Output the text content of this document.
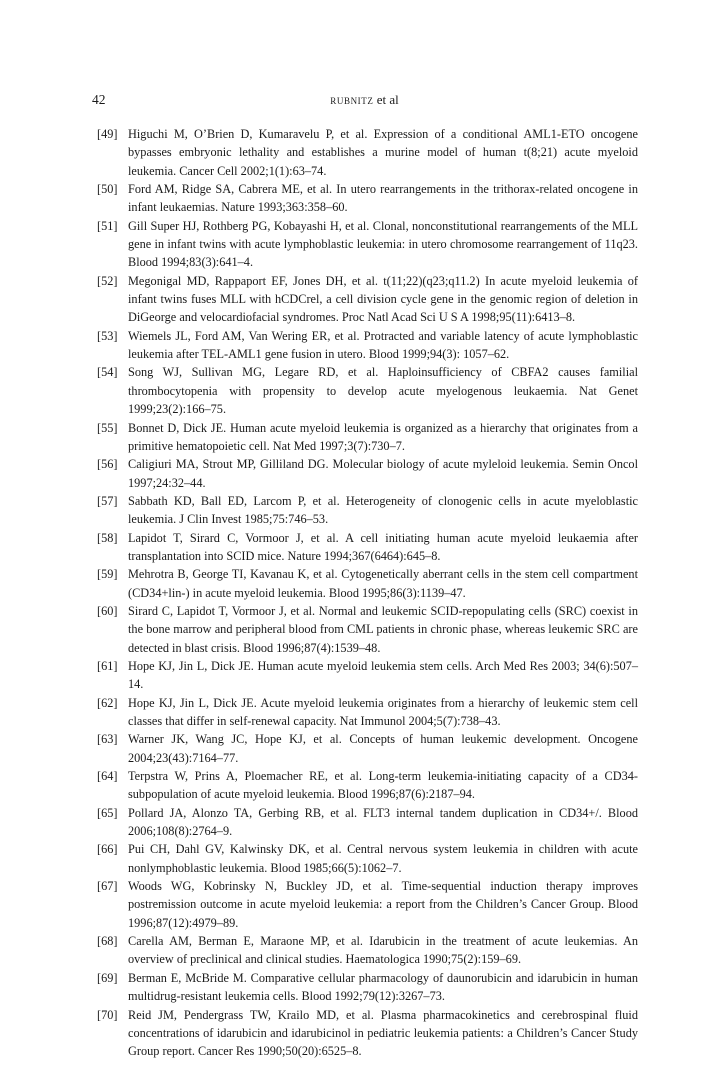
42	rubnitz et al
[49] Higuchi M, O’Brien D, Kumaravelu P, et al. Expression of a conditional AML1-ETO oncogene bypasses embryonic lethality and establishes a murine model of human t(8;21) acute myeloid leukemia. Cancer Cell 2002;1(1):63–74.
[50] Ford AM, Ridge SA, Cabrera ME, et al. In utero rearrangements in the trithorax-related oncogene in infant leukaemias. Nature 1993;363:358–60.
[51] Gill Super HJ, Rothberg PG, Kobayashi H, et al. Clonal, nonconstitutional rearrangements of the MLL gene in infant twins with acute lymphoblastic leukemia: in utero chromosome rearrangement of 11q23. Blood 1994;83(3):641–4.
[52] Megonigal MD, Rappaport EF, Jones DH, et al. t(11;22)(q23;q11.2) In acute myeloid leukemia of infant twins fuses MLL with hCDCrel, a cell division cycle gene in the genomic region of deletion in DiGeorge and velocardiofacial syndromes. Proc Natl Acad Sci U S A 1998;95(11):6413–8.
[53] Wiemels JL, Ford AM, Van Wering ER, et al. Protracted and variable latency of acute lymphoblastic leukemia after TEL-AML1 gene fusion in utero. Blood 1999;94(3): 1057–62.
[54] Song WJ, Sullivan MG, Legare RD, et al. Haploinsufficiency of CBFA2 causes familial thrombocytopenia with propensity to develop acute myelogenous leukaemia. Nat Genet 1999;23(2):166–75.
[55] Bonnet D, Dick JE. Human acute myeloid leukemia is organized as a hierarchy that originates from a primitive hematopoietic cell. Nat Med 1997;3(7):730–7.
[56] Caligiuri MA, Strout MP, Gilliland DG. Molecular biology of acute myleloid leukemia. Semin Oncol 1997;24:32–44.
[57] Sabbath KD, Ball ED, Larcom P, et al. Heterogeneity of clonogenic cells in acute myeloblastic leukemia. J Clin Invest 1985;75:746–53.
[58] Lapidot T, Sirard C, Vormoor J, et al. A cell initiating human acute myeloid leukaemia after transplantation into SCID mice. Nature 1994;367(6464):645–8.
[59] Mehrotra B, George TI, Kavanau K, et al. Cytogenetically aberrant cells in the stem cell compartment (CD34+lin-) in acute myeloid leukemia. Blood 1995;86(3):1139–47.
[60] Sirard C, Lapidot T, Vormoor J, et al. Normal and leukemic SCID-repopulating cells (SRC) coexist in the bone marrow and peripheral blood from CML patients in chronic phase, whereas leukemic SRC are detected in blast crisis. Blood 1996;87(4):1539–48.
[61] Hope KJ, Jin L, Dick JE. Human acute myeloid leukemia stem cells. Arch Med Res 2003; 34(6):507–14.
[62] Hope KJ, Jin L, Dick JE. Acute myeloid leukemia originates from a hierarchy of leukemic stem cell classes that differ in self-renewal capacity. Nat Immunol 2004;5(7):738–43.
[63] Warner JK, Wang JC, Hope KJ, et al. Concepts of human leukemic development. Oncogene 2004;23(43):7164–77.
[64] Terpstra W, Prins A, Ploemacher RE, et al. Long-term leukemia-initiating capacity of a CD34-subpopulation of acute myeloid leukemia. Blood 1996;87(6):2187–94.
[65] Pollard JA, Alonzo TA, Gerbing RB, et al. FLT3 internal tandem duplication in CD34+/. Blood 2006;108(8):2764–9.
[66] Pui CH, Dahl GV, Kalwinsky DK, et al. Central nervous system leukemia in children with acute nonlymphoblastic leukemia. Blood 1985;66(5):1062–7.
[67] Woods WG, Kobrinsky N, Buckley JD, et al. Time-sequential induction therapy improves postremission outcome in acute myeloid leukemia: a report from the Children’s Cancer Group. Blood 1996;87(12):4979–89.
[68] Carella AM, Berman E, Maraone MP, et al. Idarubicin in the treatment of acute leukemias. An overview of preclinical and clinical studies. Haematologica 1990;75(2):159–69.
[69] Berman E, McBride M. Comparative cellular pharmacology of daunorubicin and idarubicin in human multidrug-resistant leukemia cells. Blood 1992;79(12):3267–73.
[70] Reid JM, Pendergrass TW, Krailo MD, et al. Plasma pharmacokinetics and cerebrospinal fluid concentrations of idarubicin and idarubicinol in pediatric leukemia patients: a Children’s Cancer Study Group report. Cancer Res 1990;50(20):6525–8.
